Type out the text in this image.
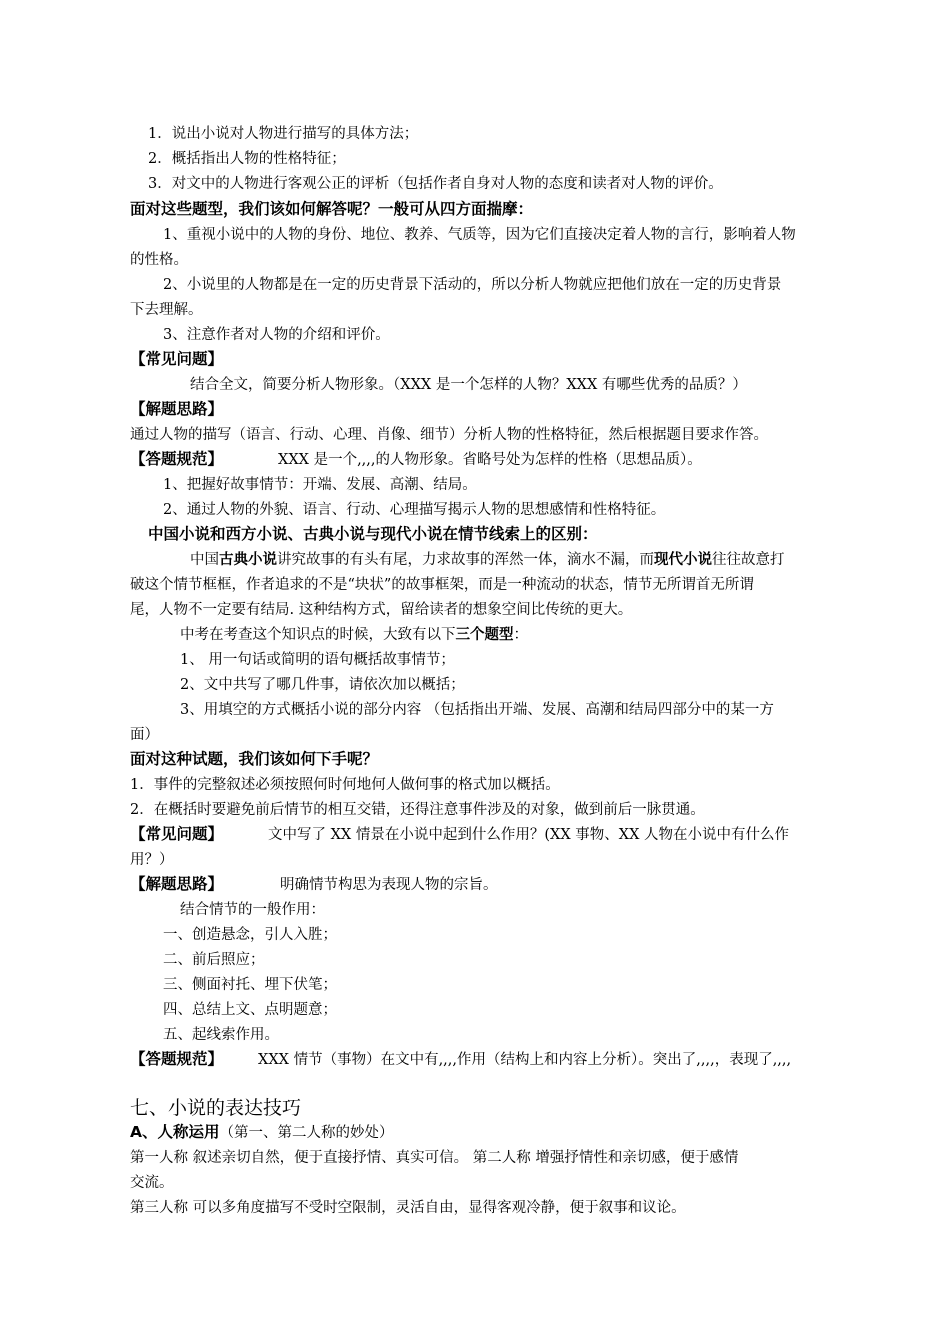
1．说出小说对人物进行描写的具体方法；
2．概括指出人物的性格特征；
3．对文中的人物进行客观公正的评析（包括作者自身对人物的态度和读者对人物的评价。
面对这些题型，我们该如何解答呢？一般可从四方面揣摩：
1、重视小说中的人物的身份、地位、教养、气质等，因为它们直接决定着人物的言行，影响着人物
的性格。
2、小说里的人物都是在一定的历史背景下活动的，所以分析人物就应把他们放在一定的历史背景
下去理解。
3、注意作者对人物的介绍和评价。
【常见问题】
结合全文，简要分析人物形象。（XXX 是一个怎样的人物？XXX 有哪些优秀的品质？）
【解题思路】
通过人物的描写（语言、行动、心理、肖像、细节）分析人物的性格特征，然后根据题目要求作答。
【答题规范】	XXX 是一个,,,,的人物形象。省略号处为怎样的性格（思想品质）。
1、把握好故事情节：开端、发展、高潮、结局。
2、通过人物的外貌、语言、行动、心理描写揭示人物的思想感情和性格特征。
中国小说和西方小说、古典小说与现代小说在情节线索上的区别：
中国古典小说讲究故事的有头有尾，力求故事的浑然一体，滴水不漏，而现代小说往往故意打
破这个情节框框，作者追求的不是“块状”的故事框架，而是一种流动的状态，情节无所谓首无所谓
尾，人物不一定要有结局. 这种结构方式，留给读者的想象空间比传统的更大。
中考在考查这个知识点的时候，大致有以下三个题型：
1、 用一句话或简明的语句概括故事情节；
2、文中共写了哪几件事，请依次加以概括；
3、用填空的方式概括小说的部分内容 （包括指出开端、发展、高潮和结局四部分中的某一方
面）
面对这种试题，我们该如何下手呢？
1．事件的完整叙述必须按照何时何地何人做何事的格式加以概括。
2．在概括时要避免前后情节的相互交错，还得注意事件涉及的对象，做到前后一脉贯通。
【常见问题】	文中写了 XX 情景在小说中起到什么作用？(XX 事物、XX 人物在小说中有什么作
用？）
【解题思路】	明确情节构思为表现人物的宗旨。
结合情节的一般作用：
一、创造悬念，引人入胜；
二、前后照应；
三、侧面衬托、埋下伏笔；
四、总结上文、点明题意；
五、起线索作用。
【答题规范】	XXX 情节（事物）在文中有,,,,作用（结构上和内容上分析）。突出了,,,,，表现了,,,,
七、小说的表达技巧
A、人称运用（第一、第二人称的妙处）
第一人称 叙述亲切自然，便于直接抒情、真实可信。 第二人称 增强抒情性和亲切感，便于感情
交流。
第三人称 可以多角度描写不受时空限制，灵活自由，显得客观冷静，便于叙事和议论。
